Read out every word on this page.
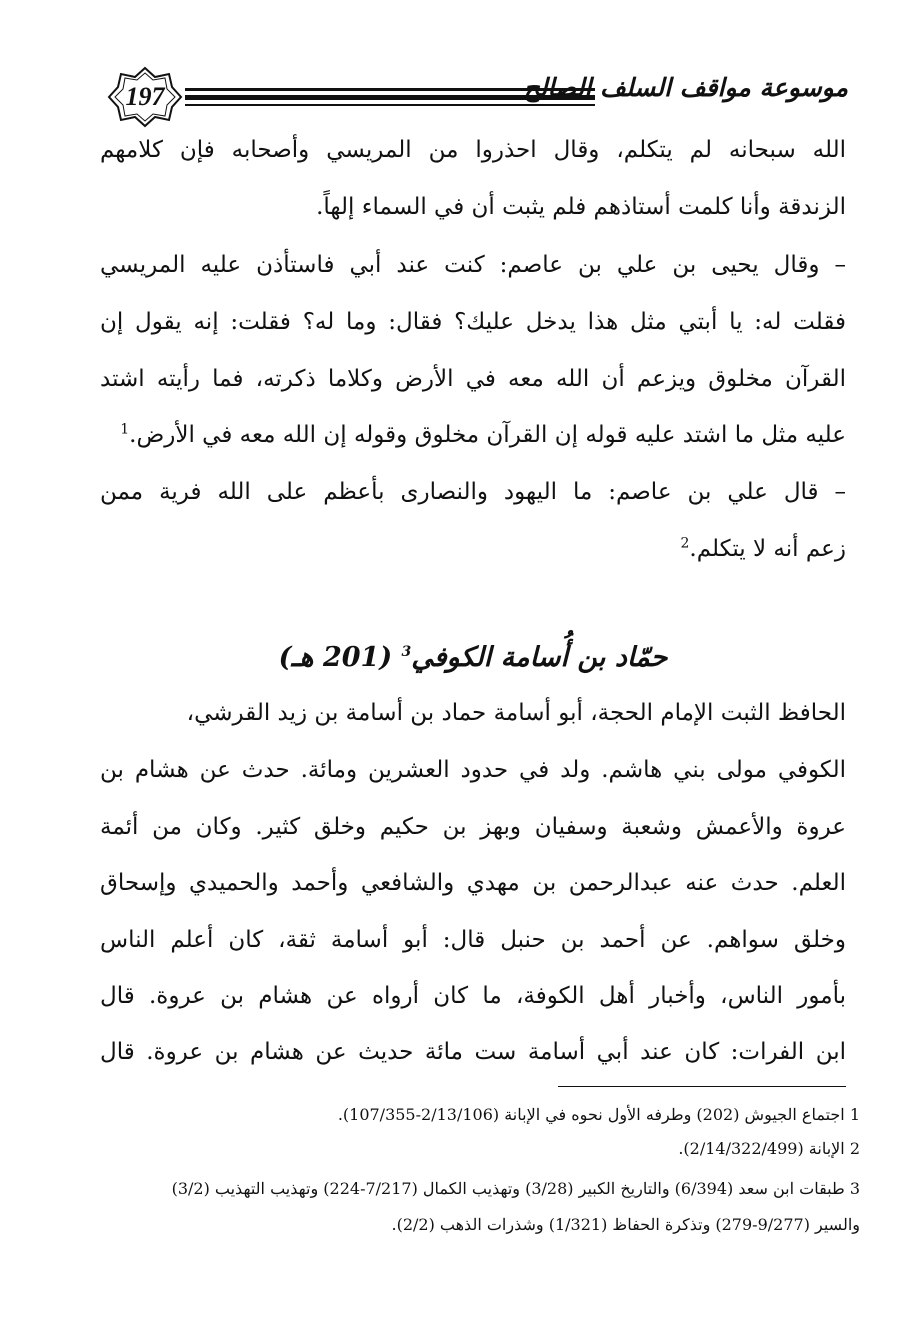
197	موسوعة مواقف السلف الصالح
الله سبحانه لم يتكلم، وقال احذروا من المريسي وأصحابه فإن كلامهم
الزندقة وأنا كلمت أستاذهم فلم يثبت أن في السماء إلهاً.
– وقال يحيى بن علي بن عاصم: كنت عند أبي فاستأذن عليه المريسي
فقلت له: يا أبتي مثل هذا يدخل عليك؟ فقال: وما له؟ فقلت: إنه يقول إن
القرآن مخلوق ويزعم أن الله معه في الأرض وكلاما ذكرته، فما رأيته اشتد
عليه مثل ما اشتد عليه قوله إن القرآن مخلوق وقوله إن الله معه في الأرض.$^1$
– قال علي بن عاصم: ما اليهود والنصارى بأعظم على الله فرية ممن
زعم أنه لا يتكلم.$^2$
حمّاد بن أُسامة الكوفي$^3$ (201 هـ)
الحافظ الثبت الإمام الحجة، أبو أسامة حماد بن أسامة بن زيد القرشي،
الكوفي مولى بني هاشم. ولد في حدود العشرين ومائة. حدث عن هشام بن
عروة والأعمش وشعبة وسفيان وبهز بن حكيم وخلق كثير. وكان من أئمة
العلم. حدث عنه عبدالرحمن بن مهدي والشافعي وأحمد والحميدي وإسحاق
وخلق سواهم. عن أحمد بن حنبل قال: أبو أسامة ثقة، كان أعلم الناس
بأمور الناس، وأخبار أهل الكوفة، ما كان أرواه عن هشام بن عروة. قال
ابن الفرات: كان عند أبي أسامة ست مائة حديث عن هشام بن عروة. قال
1 اجتماع الجيوش (202) وطرفه الأول نحوه في الإبانة (2/13/106-107/355).
2 الإبانة (2/14/322/499).
3 طبقات ابن سعد (6/394) والتاريخ الكبير (3/28) وتهذيب الكمال (7/217-224) وتهذيب التهذيب (3/2)
والسير (9/277-279) وتذكرة الحفاظ (1/321) وشذرات الذهب (2/2).
